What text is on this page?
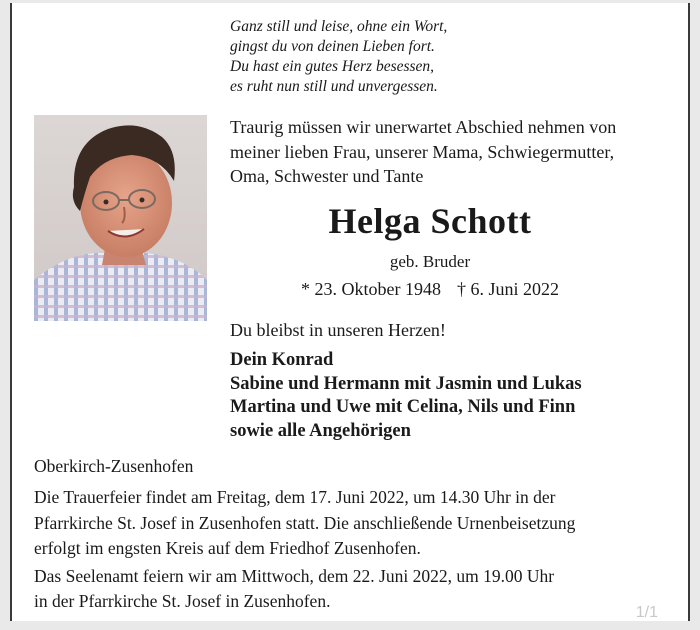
Ganz still und leise, ohne ein Wort,
gingst du von deinen Lieben fort.
Du hast ein gutes Herz besessen,
es ruht nun still und unvergessen.
Traurig müssen wir unerwartet Abschied nehmen von
meiner lieben Frau, unserer Mama, Schwiegermutter,
Oma, Schwester und Tante
Helga Schott
geb. Bruder
* 23. Oktober 1948 † 6. Juni 2022
Du bleibst in unseren Herzen!
Dein Konrad
Sabine und Hermann mit Jasmin und Lukas
Martina und Uwe mit Celina, Nils und Finn
sowie alle Angehörigen
Oberkirch-Zusenhofen
Die Trauerfeier findet am Freitag, dem 17. Juni 2022, um 14.30 Uhr in der
Pfarrkirche St. Josef in Zusenhofen statt. Die anschließende Urnenbeisetzung
erfolgt im engsten Kreis auf dem Friedhof Zusenhofen.
Das Seelenamt feiern wir am Mittwoch, dem 22. Juni 2022, um 19.00 Uhr
in der Pfarrkirche St. Josef in Zusenhofen.
1/1
